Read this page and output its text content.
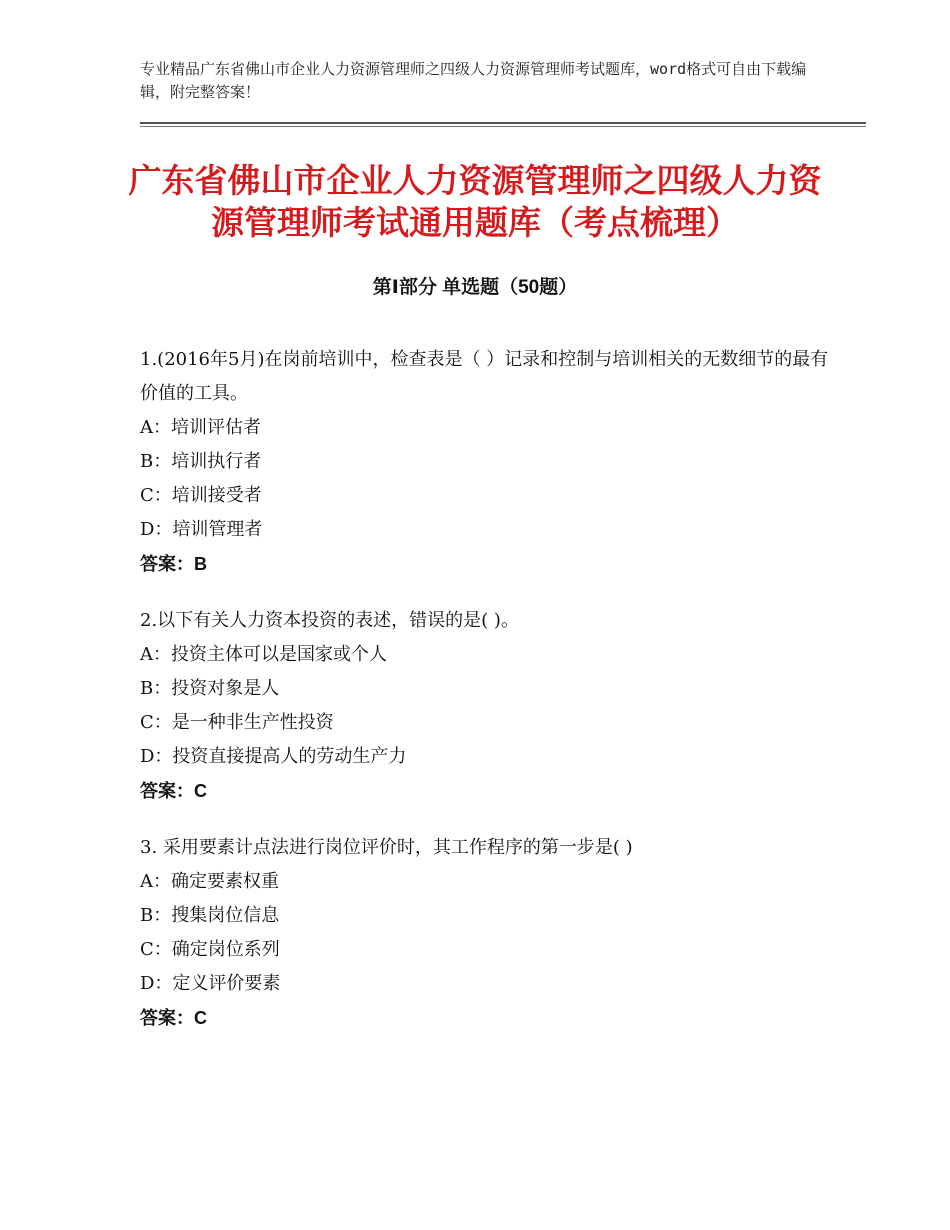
专业精品广东省佛山市企业人力资源管理师之四级人力资源管理师考试题库，word格式可自由下载编辑，附完整答案！
广东省佛山市企业人力资源管理师之四级人力资源管理师考试通用题库（考点梳理）
第Ⅰ部分 单选题（50题）

1.(2016年5月)在岗前培训中，检查表是（ ）记录和控制与培训相关的无数细节的最有价值的工具。

A：培训评估者

B：培训执行者

C：培训接受者

D：培训管理者

答案：B

2.以下有关人力资本投资的表述，错误的是( )。

A：投资主体可以是国家或个人

B：投资对象是人

C：是一种非生产性投资

D：投资直接提高人的劳动生产力

答案：C

3. 采用要素计点法进行岗位评价时，其工作程序的第一步是( )

A：确定要素权重

B：搜集岗位信息

C：确定岗位系列

D：定义评价要素

答案：C
